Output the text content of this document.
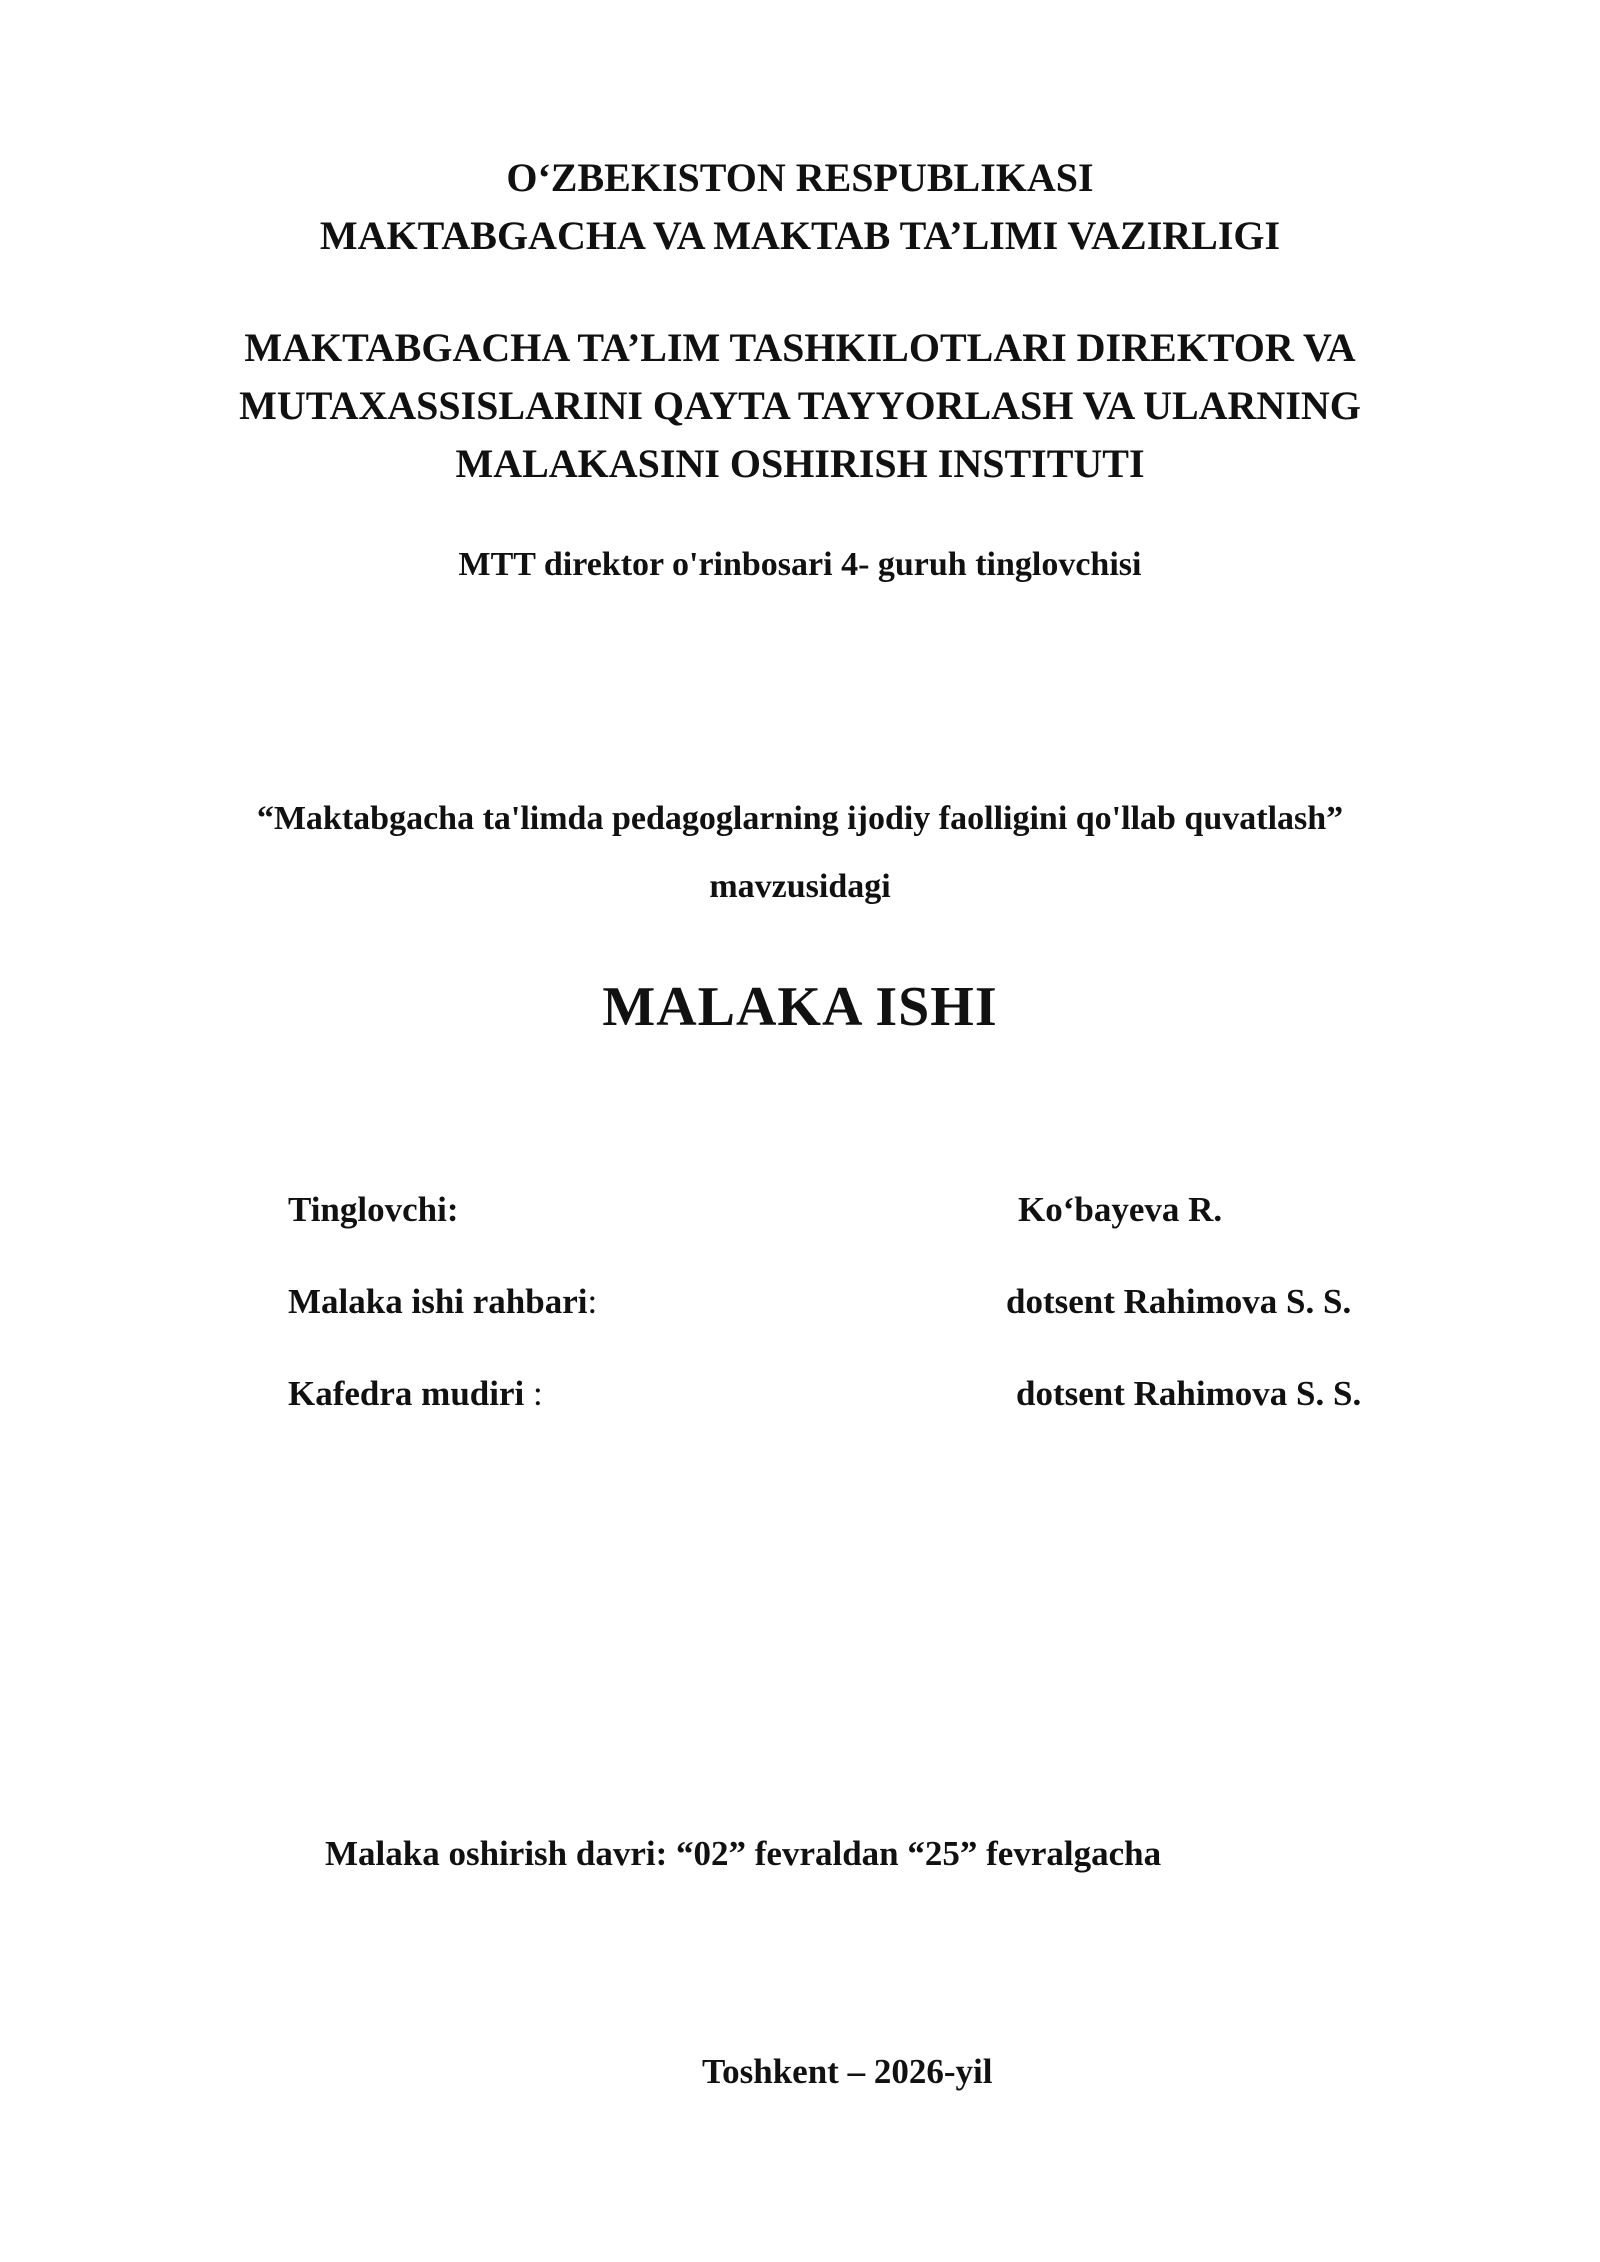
O‘ZBEKISTON RESPUBLIKASI
MAKTABGACHA VA MAKTAB TA’LIMI VAZIRLIGI
MAKTABGACHA TA’LIM TASHKILOTLARI DIREKTOR VA
MUTAXASSISLARINI QAYTA TAYYORLASH VA ULARNING
MALAKASINI OSHIRISH INSTITUTI
MTT direktor o'rinbosari 4- guruh tinglovchisi
“Maktabgacha ta'limda pedagoglarning ijodiy faolligini qo'llab quvatlash”
mavzusidagi
MALAKA ISHI
Tinglovchi:	Ko‘bayeva R.
Malaka ishi rahbari:	dotsent Rahimova S. S.
Kafedra mudiri :	dotsent Rahimova S. S.
Malaka oshirish davri: “02” fevraldan “25” fevralgacha
Toshkent – 2026-yil
